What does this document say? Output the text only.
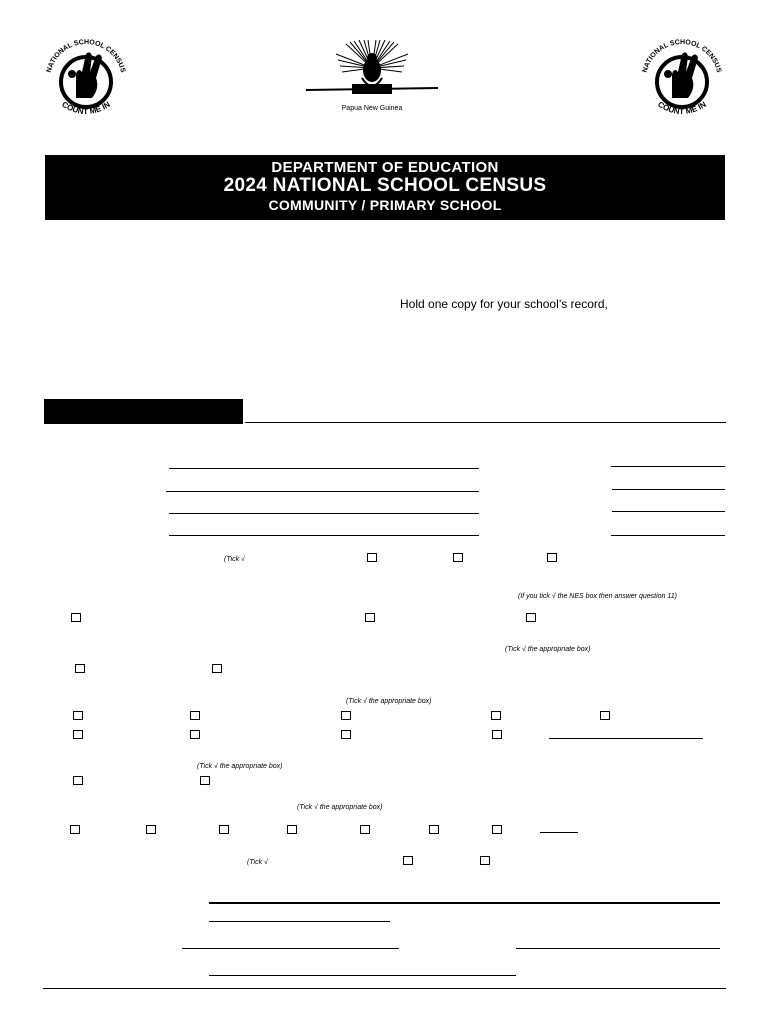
NATIONAL SCHOOL CENSUS
COUNT ME IN	Papua New Guinea
NATIONAL SCHOOL CENSUS
COUNT ME IN
DEPARTMENT OF EDUCATION
2024 NATIONAL SCHOOL CENSUS
COMMUNITY / PRIMARY SCHOOL
Hold one copy for your school’s record,
(Tick √
(If you tick √ the NES box then answer question 11)
(Tick √ the appropriate box)
(Tick √ the appropriate box)
(Tick √ the appropriate box)
(Tick √ the appropriate box)
(Tick √
